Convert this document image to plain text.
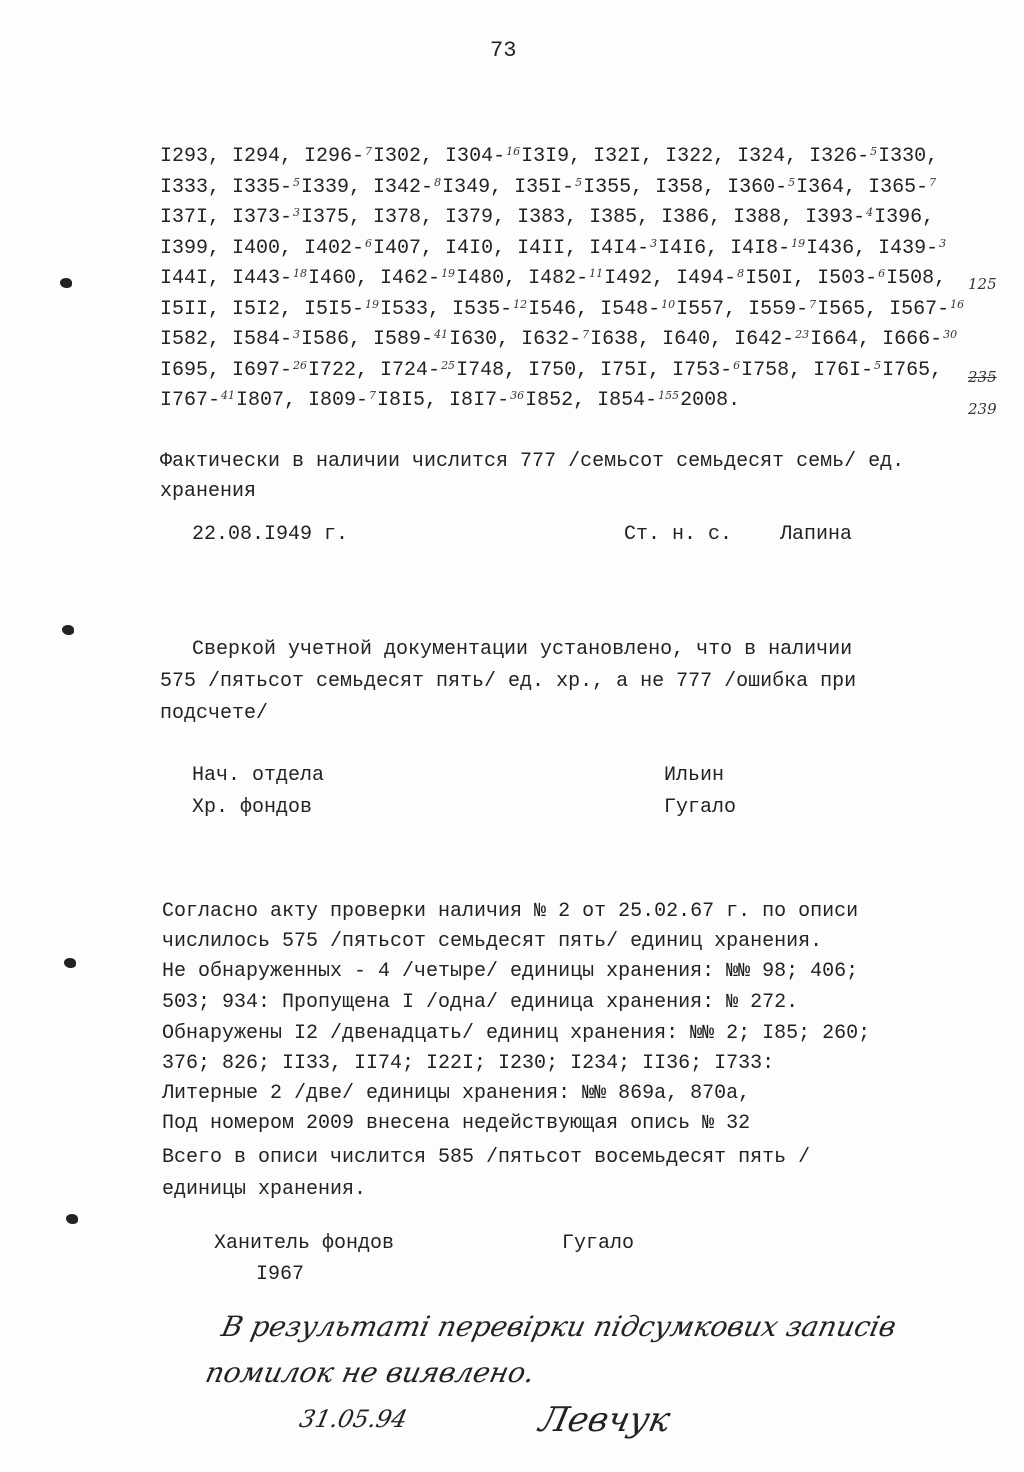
73
I293, I294, I296-$^7$I302, I304-$^{16}$I3I9, I32I, I322, I324, I326-$^5$I330,
I333, I335-$^5$I339, I342-$^8$I349, I35I-$^5$I355, I358, I360-$^5$I364, I365-$^7$
I37I, I373-$^3$I375, I378, I379, I383, I385, I386, I388, I393-$^4$I396,
I399, I400, I402-$^6$I407, I4I0, I4II, I4I4-$^3$I4I6, I4I8-$^{19}$I436, I439-$^3$
I44I, I443-$^{18}$I460, I462-$^{19}$I480, I482-$^{11}$I492, I494-$^8$I50I, I503-$^6$I508,
I5II, I5I2, I5I5-$^{19}$I533, I535-$^{12}$I546, I548-$^{10}$I557, I559-$^7$I565, I567-$^{16}$
I582, I584-$^3$I586, I589-$^{41}$I630, I632-$^7$I638, I640, I642-$^{23}$I664, I666-$^{30}$
I695, I697-$^{26}$I722, I724-$^{25}$I748, I750, I75I, I753-$^6$I758, I76I-$^5$I765,
I767-$^{41}$I807, I809-$^7$I8I5, I8I7-$^{36}$I852, I854-$^{155}$2008.
125
235
239
Фактически в наличии числится 777 /семьсот семьдесят семь/ ед.
хранения
22.08.I949 г.	Ст. н. с. Лапина
Сверкой учетной документации установлено, что в наличии
575 /пятьсот семьдесят пять/ ед. хр., а не 777 /ошибка при
подсчете/
Нач. отдела	Ильин
Хр. фондов	Гугало
Согласно акту проверки наличия № 2 от 25.02.67 г. по описи
числилось 575 /пятьсот семьдесят пять/ единиц хранения.
Не обнаруженных - 4 /четыре/ единицы хранения: №№ 98; 406;
503; 934: Пропущена I /одна/ единица хранения: № 272.
Обнаружены I2 /двенадцать/ единиц хранения: №№ 2; I85; 260;
376; 826; II33, II74; I22I; I230; I234; II36; I733:
Литерные 2 /две/ единицы хранения: №№ 869а, 870а,
Под номером 2009 внесена недействующая опись № 32
Всего в описи числится 585 /пятьсот восемьдесят пять /
единицы хранения.
Ханитель фондов	Гугало
I967
В результаті перевірки підсумкових записів
помилок не виявлено.
31.05.94	Левчук
